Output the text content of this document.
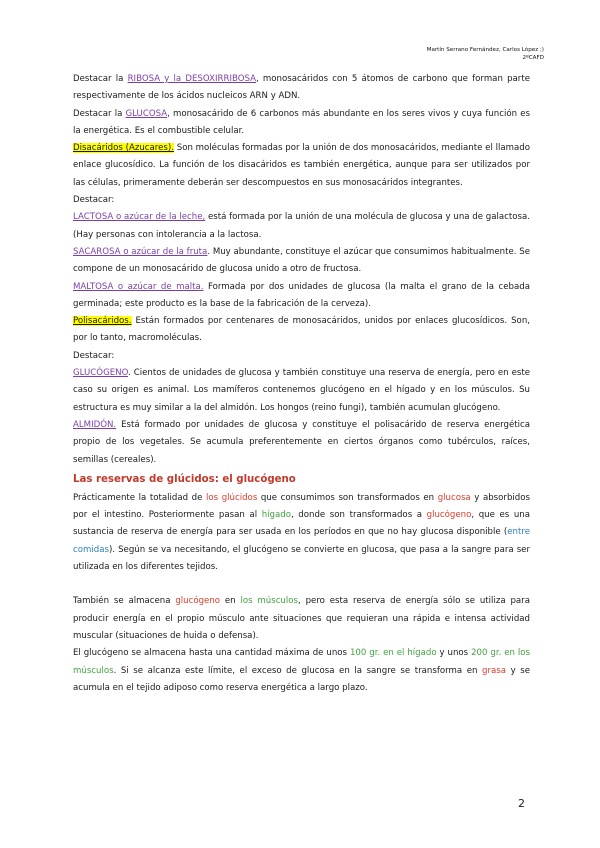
Martín Serrano Fernández, Carlos López ;)
2ºCAFD

Destacar la RIBOSA y la DESOXIRRIBOSA, monosacáridos con 5 átomos de carbono que forman parte respectivamente de los ácidos nucleicos ARN y ADN.

Destacar la GLUCOSA, monosacárido de 6 carbonos más abundante en los seres vivos y cuya función es la energética. Es el combustible celular.

Disacáridos (Azucares). Son moléculas formadas por la unión de dos monosacáridos, mediante el llamado enlace glucosídico. La función de los disacáridos es también energética, aunque para ser utilizados por las células, primeramente deberán ser descompuestos en sus monosacáridos integrantes.

Destacar:

LACTOSA o azúcar de la leche, está formada por la unión de una molécula de glucosa y una de galactosa. (Hay personas con intolerancia a la lactosa.

SACAROSA o azúcar de la fruta. Muy abundante, constituye el azúcar que consumimos habitualmente. Se compone de un monosacárido de glucosa unido a otro de fructosa.

MALTOSA o azúcar de malta. Formada por dos unidades de glucosa (la malta el grano de la cebada germinada; este producto es la base de la fabricación de la cerveza).

Polisacáridos. Están formados por centenares de monosacáridos, unidos por enlaces glucosídicos. Son, por lo tanto, macromoléculas.

Destacar:

GLUCÓGENO. Cientos de unidades de glucosa y también constituye una reserva de energía, pero en este caso su origen es animal. Los mamíferos contenemos glucógeno en el hígado y en los músculos. Su estructura es muy similar a la del almidón. Los hongos (reino fungi), también acumulan glucógeno.

ALMIDÓN. Está formado por unidades de glucosa y constituye el polisacárido de reserva energética propio de los vegetales. Se acumula preferentemente en ciertos órganos como tubérculos, raíces, semillas (cereales).

Las reservas de glúcidos: el glucógeno

Prácticamente la totalidad de los glúcidos que consumimos son transformados en glucosa y absorbidos por el intestino. Posteriormente pasan al hígado, donde son transformados a glucógeno, que es una sustancia de reserva de energía para ser usada en los períodos en que no hay glucosa disponible (entre comidas). Según se va necesitando, el glucógeno se convierte en glucosa, que pasa a la sangre para ser utilizada en los diferentes tejidos.

También se almacena glucógeno en los músculos, pero esta reserva de energía sólo se utiliza para producir energía en el propio músculo ante situaciones que requieran una rápida e intensa actividad muscular (situaciones de huida o defensa).

El glucógeno se almacena hasta una cantidad máxima de unos 100 gr. en el hígado y unos 200 gr. en los músculos. Si se alcanza este límite, el exceso de glucosa en la sangre se transforma en grasa y se acumula en el tejido adiposo como reserva energética a largo plazo.

2
